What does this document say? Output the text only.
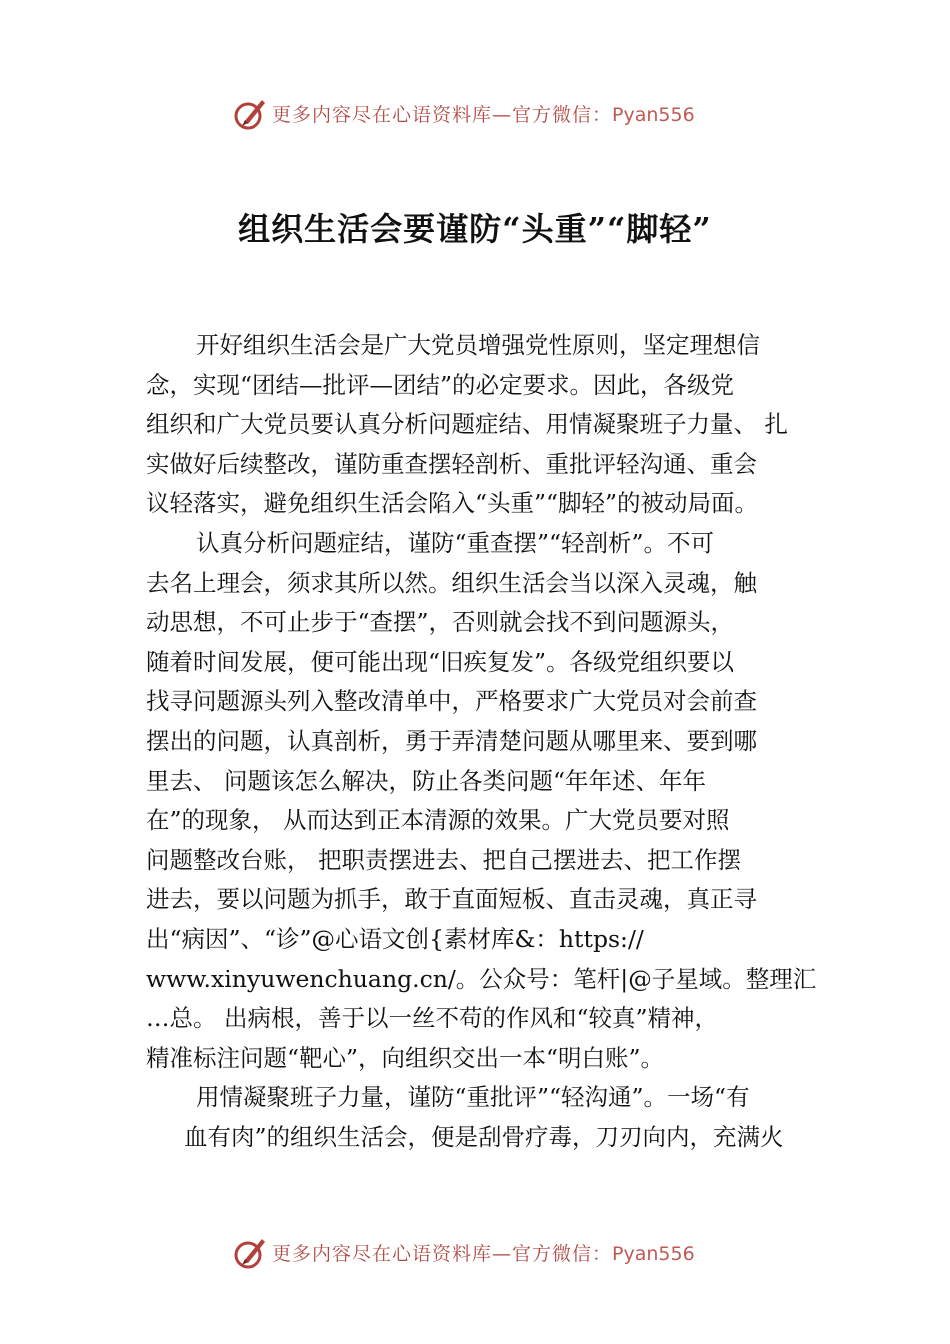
更多内容尽在心语资料库—官方微信：Pyan556
组织生活会要谨防“头重”“脚轻”
开好组织生活会是广大党员增强党性原则，坚定理想信
念，实现“团结—批评—团结”的必定要求。因此，各级党
组织和广大党员要认真分析问题症结、用情凝聚班子力量、 扎
实做好后续整改，谨防重查摆轻剖析、重批评轻沟通、重会
议轻落实，避免组织生活会陷入“头重”“脚轻”的被动局面。
认真分析问题症结，谨防“重查摆”“轻剖析”。不可
去名上理会，须求其所以然。组织生活会当以深入灵魂，触
动思想，不可止步于“查摆”，否则就会找不到问题源头，
随着时间发展，便可能出现“旧疾复发”。各级党组织要以
找寻问题源头列入整改清单中，严格要求广大党员对会前查
摆出的问题，认真剖析，勇于弄清楚问题从哪里来、要到哪
里去、 问题该怎么解决，防止各类问题“年年述、年年
在”的现象， 从而达到正本清源的效果。广大党员要对照
问题整改台账， 把职责摆进去、把自己摆进去、把工作摆
进去，要以问题为抓手，敢于直面短板、直击灵魂，真正寻
出“病因”、“诊”@心语文创{素材库&：https://
www.xinyuwenchuang.cn/。公众号：笔杆|@子星域。整理汇
…总。 出病根，善于以一丝不苟的作风和“较真”精神，
精准标注问题“靶心”，向组织交出一本“明白账”。
用情凝聚班子力量，谨防“重批评”“轻沟通”。一场“有
血有肉”的组织生活会，便是刮骨疗毒，刀刃向内，充满火
更多内容尽在心语资料库—官方微信：Pyan556
